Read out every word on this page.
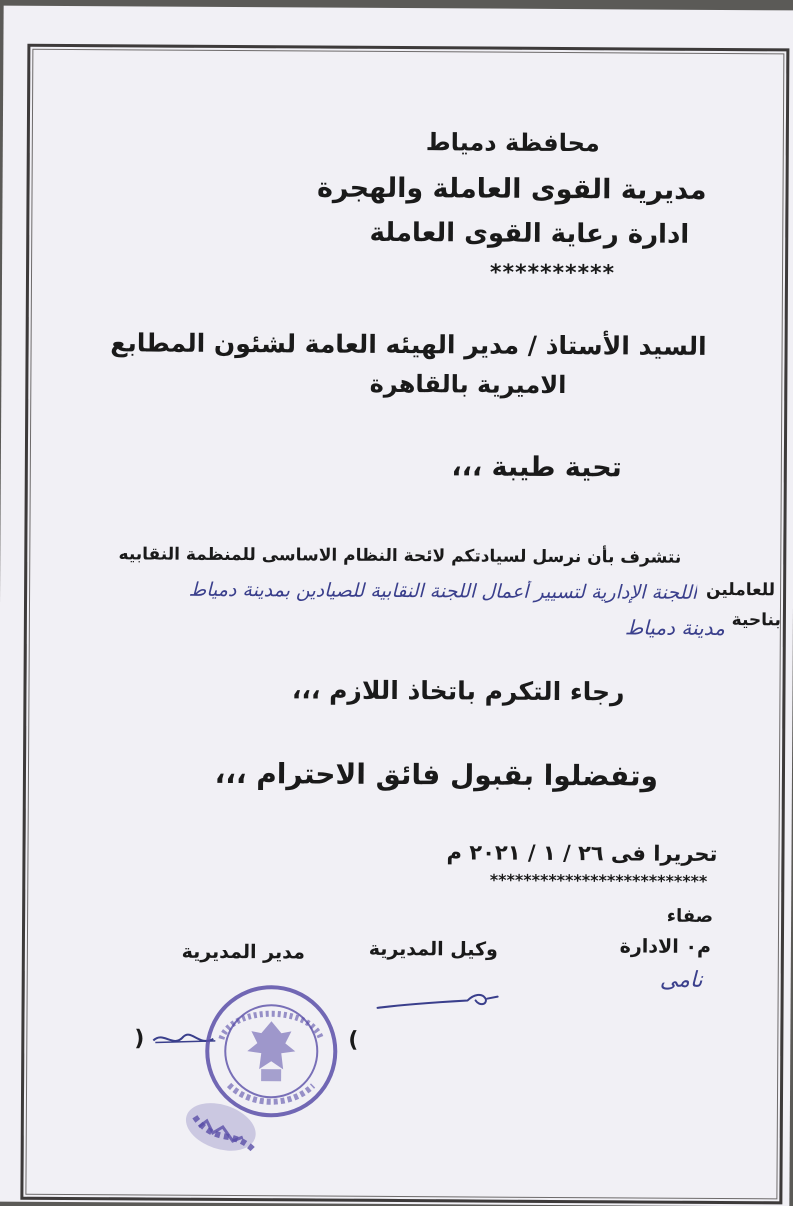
محافظة دمياط
مديرية القوى العاملة والهجرة
ادارة رعاية القوى العاملة
**********
السيد الأستاذ / مدير الهيئه العامة لشئون المطابع
الاميرية بالقاهرة
تحية طيبة ،،،
نتشرف بأن نرسل لسيادتكم لائحة النظام الاساسى للمنظمة النقابيه
للعاملين
اللجنة الإدارية لتسيير أعمال اللجنة النقابية للصيادين بمدينة دمياط
بناحية
مدينة دمياط
رجاء التكرم باتخاذ اللازم ،،،
وتفضلوا بقبول فائق الاحترام ،،،
تحريرا فى ٢٦ / ١ / ٢٠٢١ م
**************************
صفاء
م٠ الادارة
نامى
وكيل المديرية
مدير المديرية
)	(
